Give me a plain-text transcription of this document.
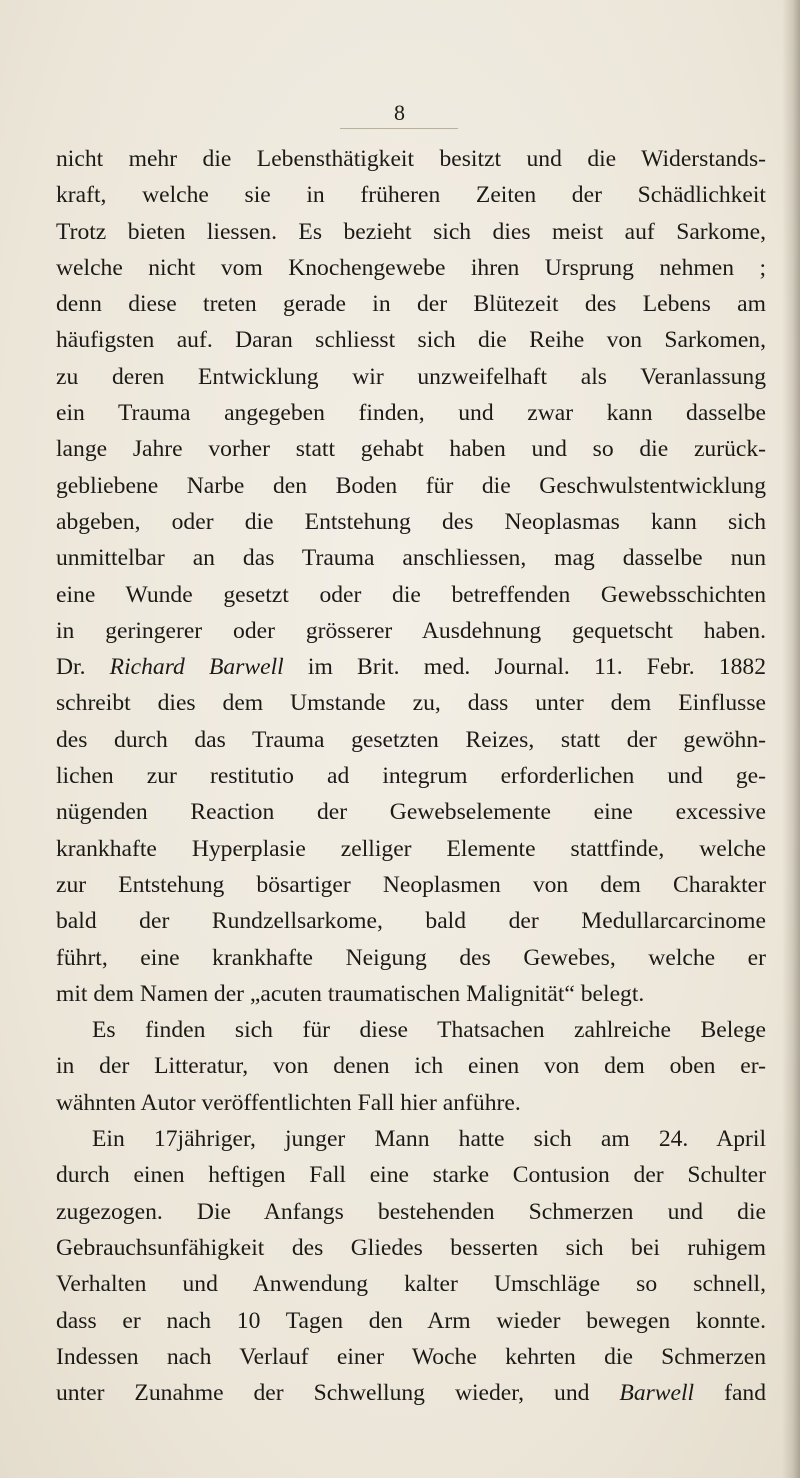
8
nicht mehr die Lebensthätigkeit besitzt und die Widerstands-
kraft, welche sie in früheren Zeiten der Schädlichkeit
Trotz bieten liessen. Es bezieht sich dies meist auf Sarkome,
welche nicht vom Knochengewebe ihren Ursprung nehmen ;
denn diese treten gerade in der Blütezeit des Lebens am
häufigsten auf. Daran schliesst sich die Reihe von Sarkomen,
zu deren Entwicklung wir unzweifelhaft als Veranlassung
ein Trauma angegeben finden, und zwar kann dasselbe
lange Jahre vorher statt gehabt haben und so die zurück-
gebliebene Narbe den Boden für die Geschwulstentwicklung
abgeben, oder die Entstehung des Neoplasmas kann sich
unmittelbar an das Trauma anschliessen, mag dasselbe nun
eine Wunde gesetzt oder die betreffenden Gewebsschichten
in geringerer oder grösserer Ausdehnung gequetscht haben.
Dr. Richard Barwell im Brit. med. Journal. 11. Febr. 1882
schreibt dies dem Umstande zu, dass unter dem Einflusse
des durch das Trauma gesetzten Reizes, statt der gewöhn-
lichen zur restitutio ad integrum erforderlichen und ge-
nügenden Reaction der Gewebselemente eine excessive
krankhafte Hyperplasie zelliger Elemente stattfinde, welche
zur Entstehung bösartiger Neoplasmen von dem Charakter
bald der Rundzellsarkome, bald der Medullarcarcinome
führt, eine krankhafte Neigung des Gewebes, welche er
mit dem Namen der „acuten traumatischen Malignität“ belegt.
Es finden sich für diese Thatsachen zahlreiche Belege
in der Litteratur, von denen ich einen von dem oben er-
wähnten Autor veröffentlichten Fall hier anführe.
Ein 17jähriger, junger Mann hatte sich am 24. April
durch einen heftigen Fall eine starke Contusion der Schulter
zugezogen. Die Anfangs bestehenden Schmerzen und die
Gebrauchsunfähigkeit des Gliedes besserten sich bei ruhigem
Verhalten und Anwendung kalter Umschläge so schnell,
dass er nach 10 Tagen den Arm wieder bewegen konnte.
Indessen nach Verlauf einer Woche kehrten die Schmerzen
unter Zunahme der Schwellung wieder, und Barwell fand
